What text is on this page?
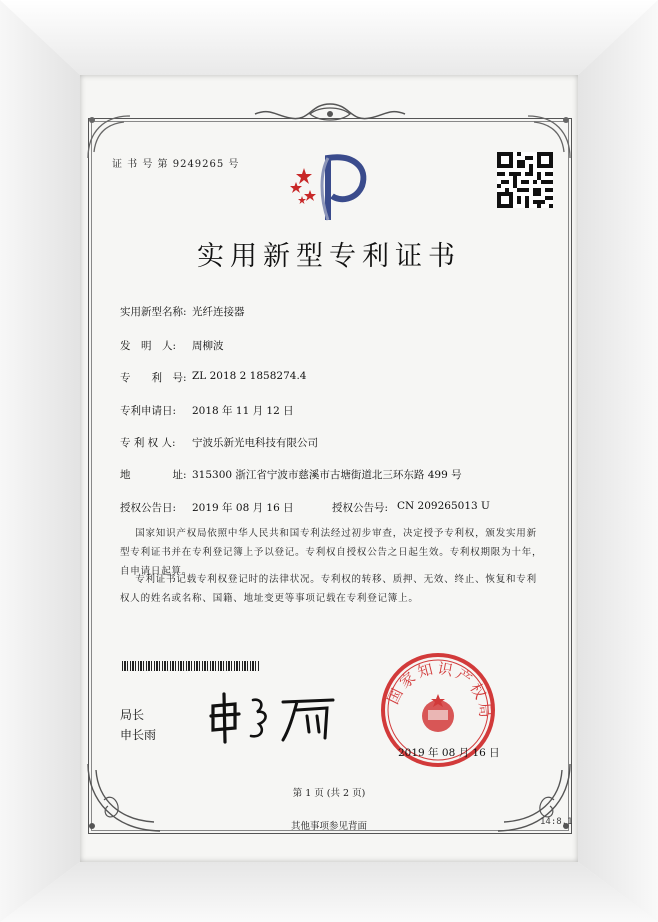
证 书 号 第 9249265 号
实用新型专利证书
实用新型名称: 光纤连接器
发　明　人: 周柳波
专　　利　号: ZL 2018 2 1858274.4
专利申请日: 2018 年 11 月 12 日
专 利 权 人: 宁波乐新光电科技有限公司
地　　　　址: 315300 浙江省宁波市慈溪市古塘街道北三环东路 499 号
授权公告日: 2019 年 08 月 16 日	授权公告号: CN 209265013 U
国家知识产权局依照中华人民共和国专利法经过初步审查，决定授予专利权，颁发实用新型专利证书并在专利登记簿上予以登记。专利权自授权公告之日起生效。专利权期限为十年，自申请日起算。
专利证书记载专利权登记时的法律状况。专利权的转移、质押、无效、终止、恢复和专利权人的姓名或名称、国籍、地址变更等事项记载在专利登记簿上。
局长
申长雨
国家知识产权局
2019 年 08 月 16 日
第 1 页 (共 2 页)
其他事项参见背面	14:8.1
